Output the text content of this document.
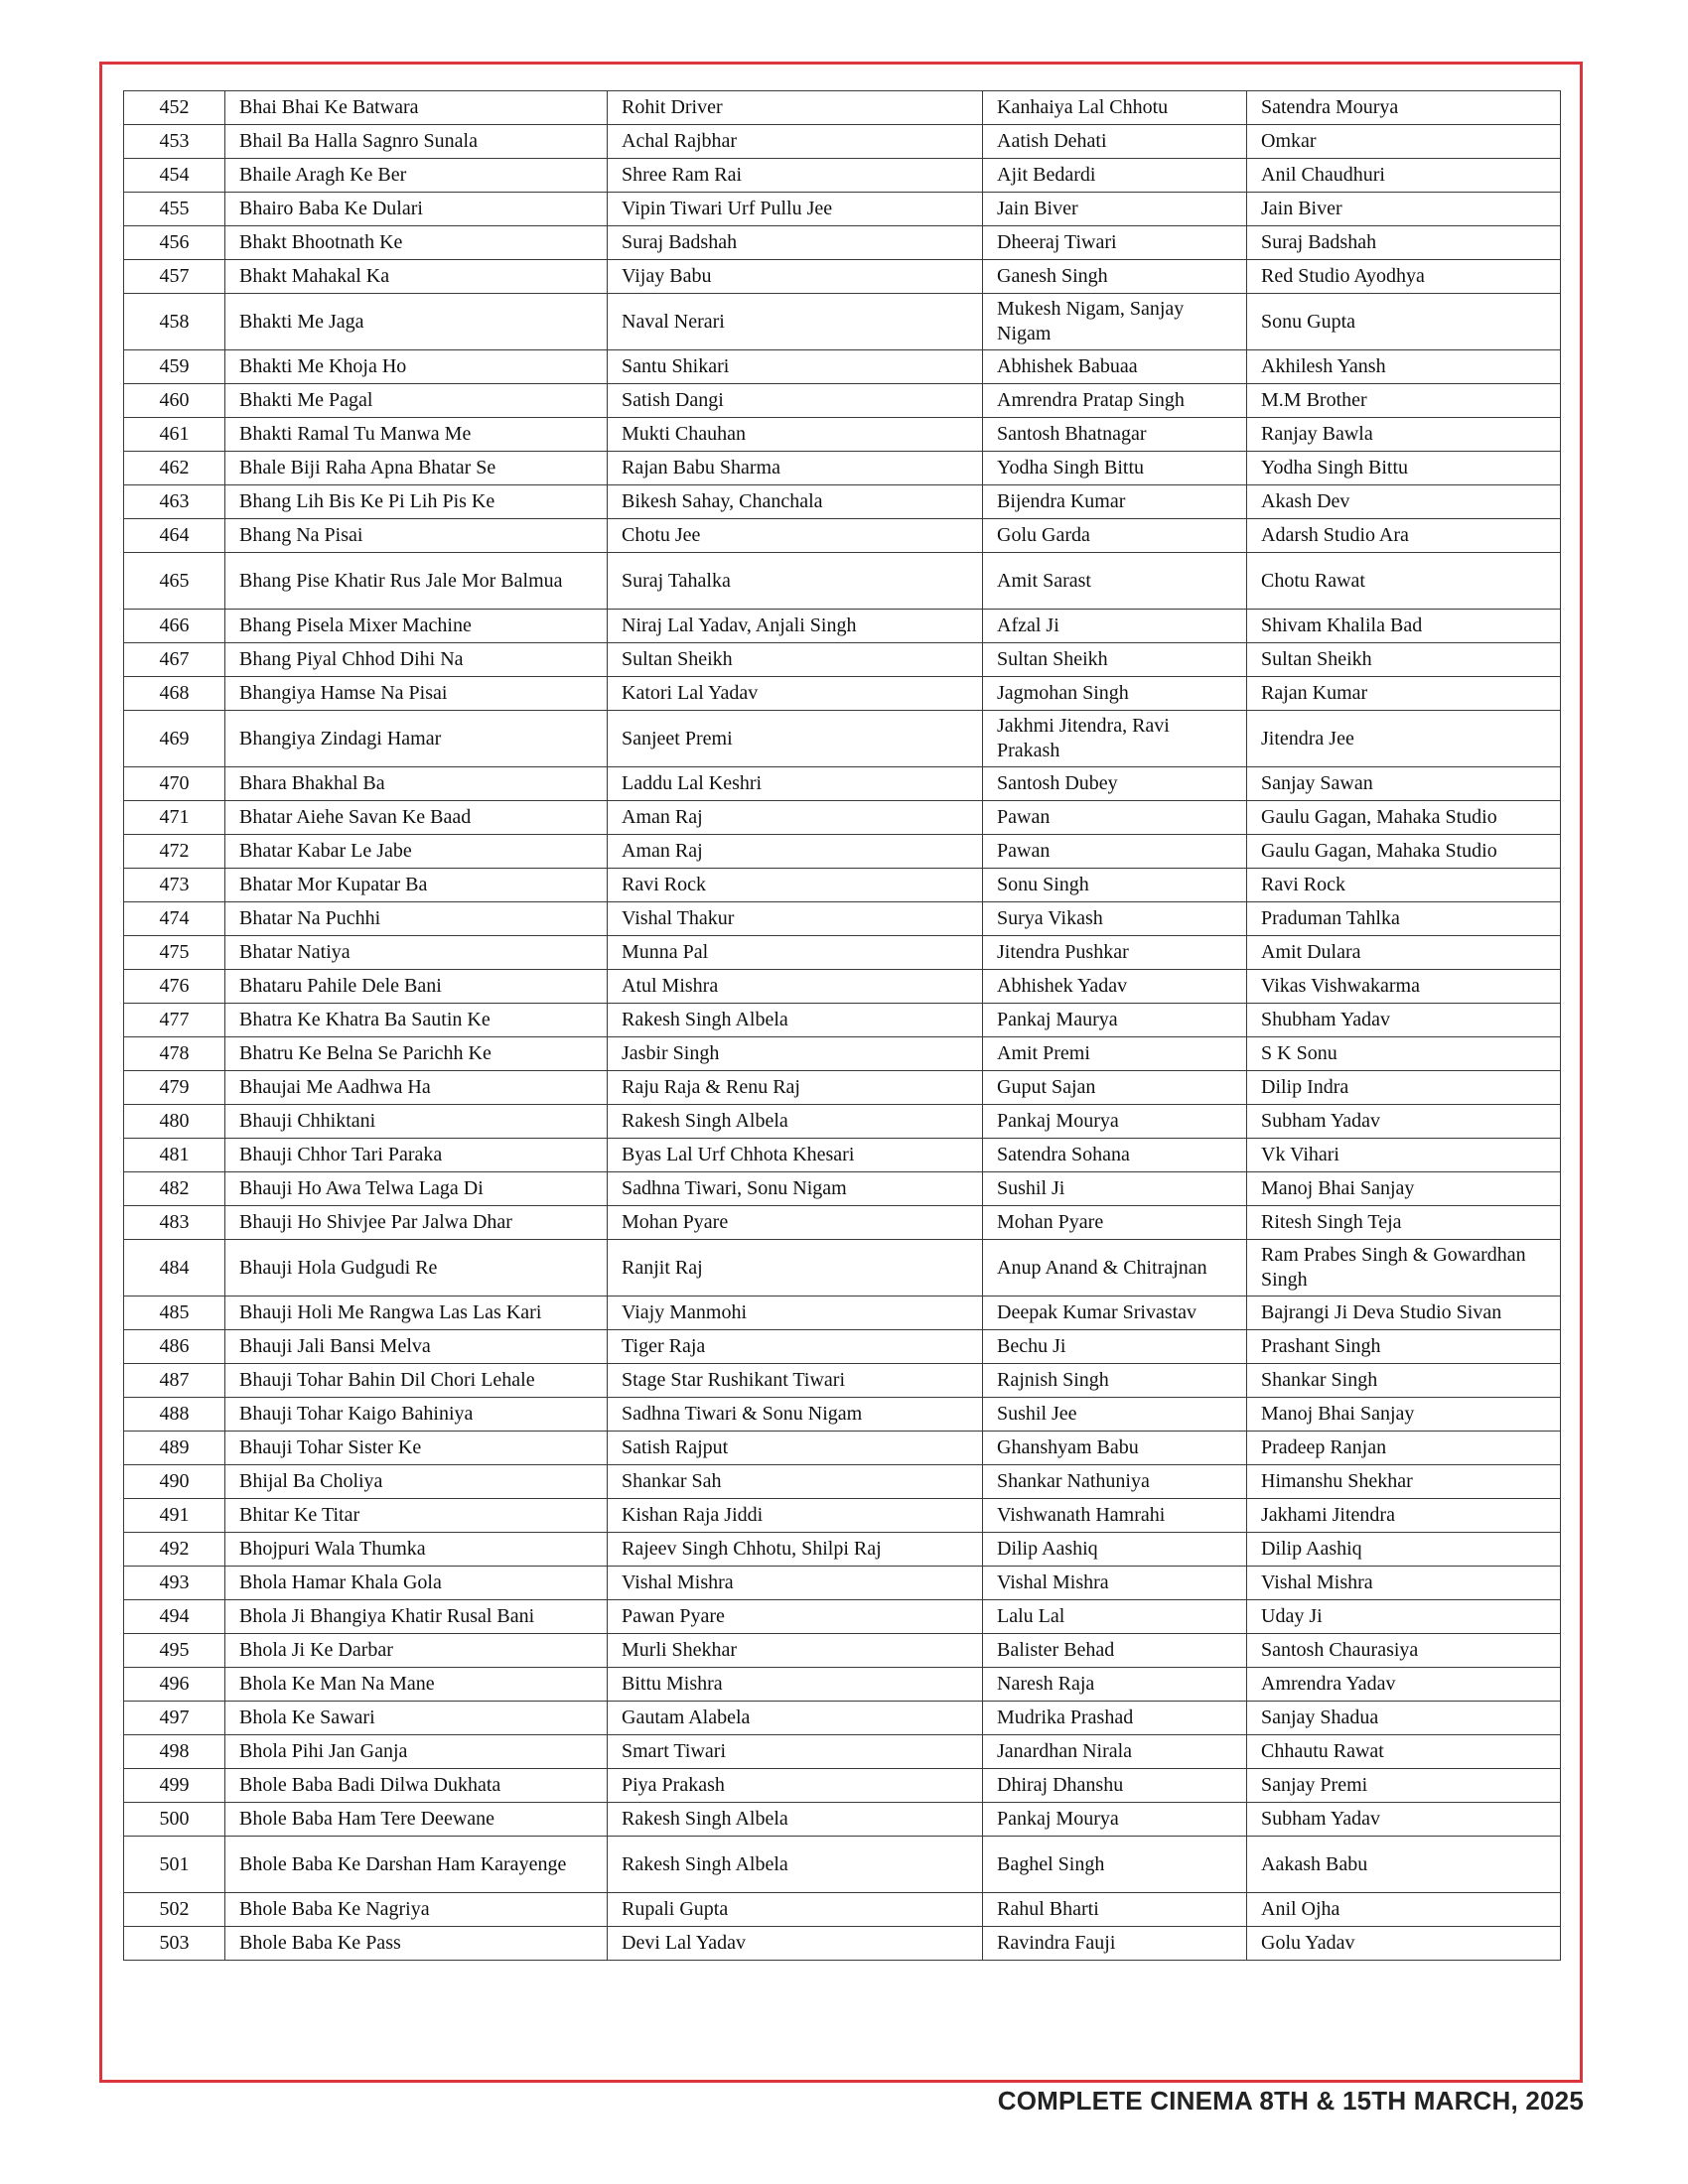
452	Bhai Bhai Ke Batwara	Rohit Driver	Kanhaiya Lal Chhotu	Satendra Mourya
453	Bhail Ba Halla Sagnro Sunala	Achal Rajbhar	Aatish Dehati	Omkar
454	Bhaile Aragh Ke Ber	Shree Ram Rai	Ajit Bedardi	Anil Chaudhuri
455	Bhairo Baba Ke Dulari	Vipin Tiwari Urf Pullu Jee	Jain Biver	Jain Biver
456	Bhakt Bhootnath Ke	Suraj Badshah	Dheeraj Tiwari	Suraj Badshah
457	Bhakt Mahakal Ka	Vijay Babu	Ganesh Singh	Red Studio Ayodhya
458	Bhakti Me Jaga	Naval Nerari	Mukesh Nigam, Sanjay Nigam	Sonu Gupta
459	Bhakti Me Khoja Ho	Santu Shikari	Abhishek Babuaa	Akhilesh Yansh
460	Bhakti Me Pagal	Satish Dangi	Amrendra Pratap Singh	M.M Brother
461	Bhakti Ramal Tu Manwa Me	Mukti Chauhan	Santosh Bhatnagar	Ranjay Bawla
462	Bhale Biji Raha Apna Bhatar Se	Rajan Babu Sharma	Yodha Singh Bittu	Yodha Singh Bittu
463	Bhang Lih Bis Ke Pi Lih Pis Ke	Bikesh Sahay, Chanchala	Bijendra Kumar	Akash Dev
464	Bhang Na Pisai	Chotu Jee	Golu Garda	Adarsh Studio Ara
465	Bhang Pise Khatir Rus Jale Mor Balmua	Suraj Tahalka	Amit Sarast	Chotu Rawat
466	Bhang Pisela Mixer Machine	Niraj Lal Yadav, Anjali Singh	Afzal Ji	Shivam Khalila Bad
467	Bhang Piyal Chhod Dihi Na	Sultan Sheikh	Sultan Sheikh	Sultan Sheikh
468	Bhangiya Hamse Na Pisai	Katori Lal Yadav	Jagmohan Singh	Rajan Kumar
469	Bhangiya Zindagi Hamar	Sanjeet Premi	Jakhmi Jitendra, Ravi Prakash	Jitendra Jee
470	Bhara Bhakhal Ba	Laddu Lal Keshri	Santosh Dubey	Sanjay Sawan
471	Bhatar Aiehe Savan Ke Baad	Aman Raj	Pawan	Gaulu Gagan, Mahaka Studio
472	Bhatar Kabar Le Jabe	Aman Raj	Pawan	Gaulu Gagan, Mahaka Studio
473	Bhatar Mor Kupatar Ba	Ravi Rock	Sonu Singh	Ravi Rock
474	Bhatar Na Puchhi	Vishal Thakur	Surya Vikash	Praduman Tahlka
475	Bhatar Natiya	Munna Pal	Jitendra Pushkar	Amit Dulara
476	Bhataru Pahile Dele Bani	Atul Mishra	Abhishek Yadav	Vikas Vishwakarma
477	Bhatra Ke Khatra Ba Sautin Ke	Rakesh Singh Albela	Pankaj Maurya	Shubham Yadav
478	Bhatru Ke Belna Se Parichh Ke	Jasbir Singh	Amit Premi	S K Sonu
479	Bhaujai Me Aadhwa Ha	Raju Raja & Renu Raj	Guput Sajan	Dilip Indra
480	Bhauji Chhiktani	Rakesh Singh Albela	Pankaj Mourya	Subham Yadav
481	Bhauji Chhor Tari Paraka	Byas Lal Urf Chhota Khesari	Satendra Sohana	Vk Vihari
482	Bhauji Ho Awa Telwa Laga Di	Sadhna Tiwari, Sonu Nigam	Sushil Ji	Manoj Bhai Sanjay
483	Bhauji Ho Shivjee Par Jalwa Dhar	Mohan Pyare	Mohan Pyare	Ritesh Singh Teja
484	Bhauji Hola Gudgudi Re	Ranjit Raj	Anup Anand & Chitrajnan	Ram Prabes Singh & Gowardhan Singh
485	Bhauji Holi Me Rangwa Las Las Kari	Viajy Manmohi	Deepak Kumar Srivastav	Bajrangi Ji Deva Studio Sivan
486	Bhauji Jali Bansi Melva	Tiger Raja	Bechu Ji	Prashant Singh
487	Bhauji Tohar Bahin Dil Chori Lehale	Stage Star Rushikant Tiwari	Rajnish Singh	Shankar Singh
488	Bhauji Tohar Kaigo Bahiniya	Sadhna Tiwari & Sonu Nigam	Sushil Jee	Manoj Bhai Sanjay
489	Bhauji Tohar Sister Ke	Satish Rajput	Ghanshyam Babu	Pradeep Ranjan
490	Bhijal Ba Choliya	Shankar Sah	Shankar Nathuniya	Himanshu Shekhar
491	Bhitar Ke Titar	Kishan Raja Jiddi	Vishwanath Hamrahi	Jakhami Jitendra
492	Bhojpuri Wala Thumka	Rajeev Singh Chhotu, Shilpi Raj	Dilip Aashiq	Dilip Aashiq
493	Bhola Hamar Khala Gola	Vishal Mishra	Vishal Mishra	Vishal Mishra
494	Bhola Ji Bhangiya Khatir Rusal Bani	Pawan Pyare	Lalu Lal	Uday Ji
495	Bhola Ji Ke Darbar	Murli Shekhar	Balister Behad	Santosh Chaurasiya
496	Bhola Ke Man Na Mane	Bittu Mishra	Naresh Raja	Amrendra Yadav
497	Bhola Ke Sawari	Gautam Alabela	Mudrika Prashad	Sanjay Shadua
498	Bhola Pihi Jan Ganja	Smart Tiwari	Janardhan Nirala	Chhautu Rawat
499	Bhole Baba Badi Dilwa Dukhata	Piya Prakash	Dhiraj Dhanshu	Sanjay Premi
500	Bhole Baba Ham Tere Deewane	Rakesh Singh Albela	Pankaj Mourya	Subham Yadav
501	Bhole Baba Ke Darshan Ham Karayenge	Rakesh Singh Albela	Baghel Singh	Aakash Babu
502	Bhole Baba Ke Nagriya	Rupali Gupta	Rahul Bharti	Anil Ojha
503	Bhole Baba Ke Pass	Devi Lal Yadav	Ravindra Fauji	Golu Yadav
COMPLETE CINEMA 8TH & 15TH MARCH, 2025
